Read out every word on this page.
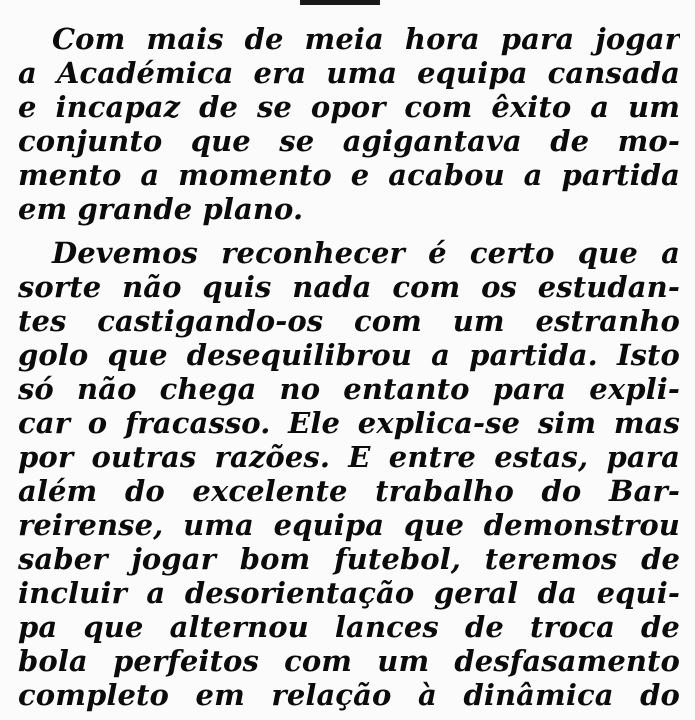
Com mais dе meia hora para jogar
a Académica era uma equipa cansada
e incapaz de se opor com êxito a um
conjunto que se agigantava de mo-
mento a momento e acabou a partida
em grande plano.

Devemos reconhecer é certo que a
sorte não quis nada com os estudan-
tes castigando-os com um estranho
golo que desequilibrou a partida. Isto
só não chega no entanto para expli-
car o fracasso. Ele explica-se sim mas
por outras razões. E entre estas, para
além do excelente trabalho do Bar-
reirense, uma equipa que demonstrou
saber jogar bom futebol, teremos de
incluir a desorientação geral da equi-
pa que alternou lances de troca de
bola perfeitos com um desfasamento
completo em relação à dinâmica do
